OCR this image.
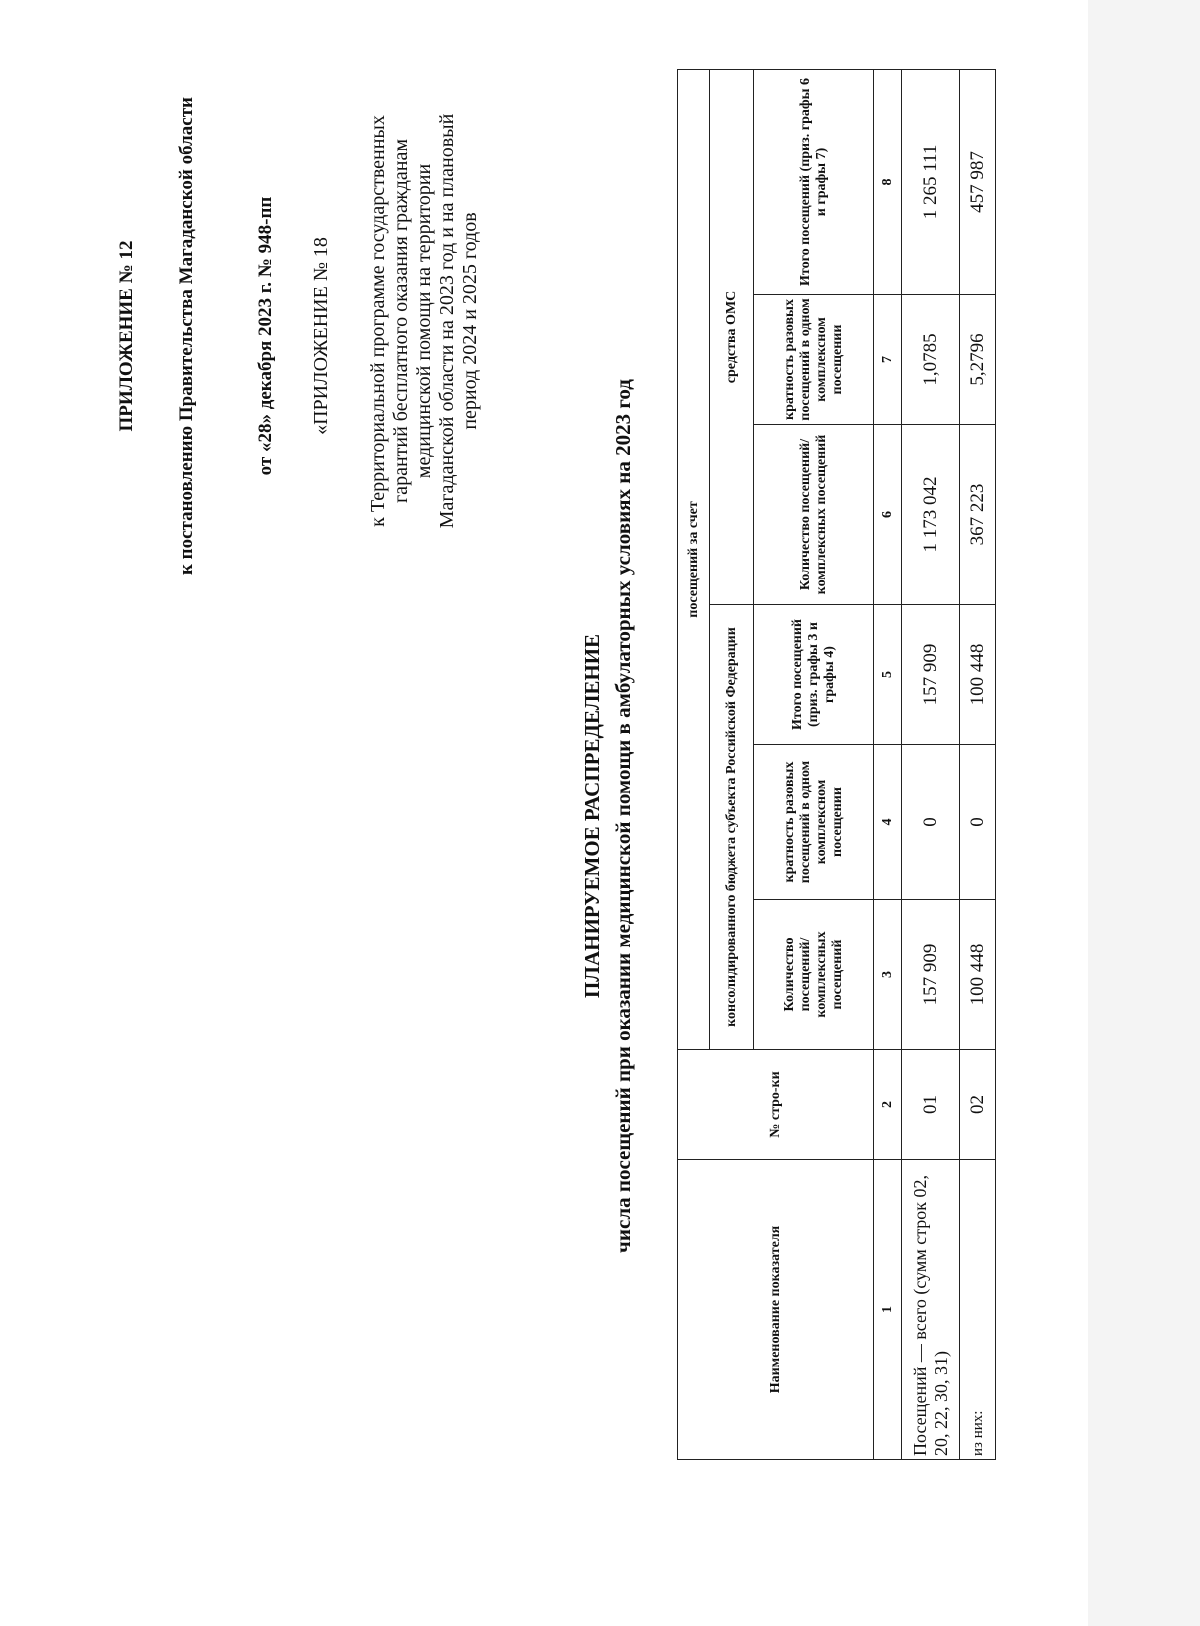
ПРИЛОЖЕНИЕ № 12 к постановлению Правительства Магаданской области	от «28» декабря 2023 г. № 948-пп «ПРИЛОЖЕНИЕ № 18 к Территориальной программе государственных гарантий бесплатного оказания гражданам медицинской помощи на территории Магаданской области на 2023 год и на плановый период 2024 и 2025 годов
ПЛАНИРУЕМОЕ РАСПРЕДЕЛЕНИЕ числа посещений при оказании медицинской помощи в амбулаторных условиях на 2023 год
Наименование показателя	№ стро-ки	посещений за счет					
		консолидированного бюджета субъекта Российской Федерации			средства ОМС		
		Количество посещений/ комплексных посещений	кратность разовых посещений в одном комплексном посещении	Итого посещений (приз. графы 3 и графы 4)	Количество посещений/ комплексных посещений	кратность разовых посещений в одном комплексном посещении	Итого посещений (приз. графы 6 и графы 7)
1	2	3	4	5	6	7	8
Посещений — всего (сумм строк 02, 20, 22, 30, 31)	01	157 909	0	157 909	1 173 042	1,0785	1 265 111
из них:	02	100 448	0	100 448	367 223	5,2796	457 987
